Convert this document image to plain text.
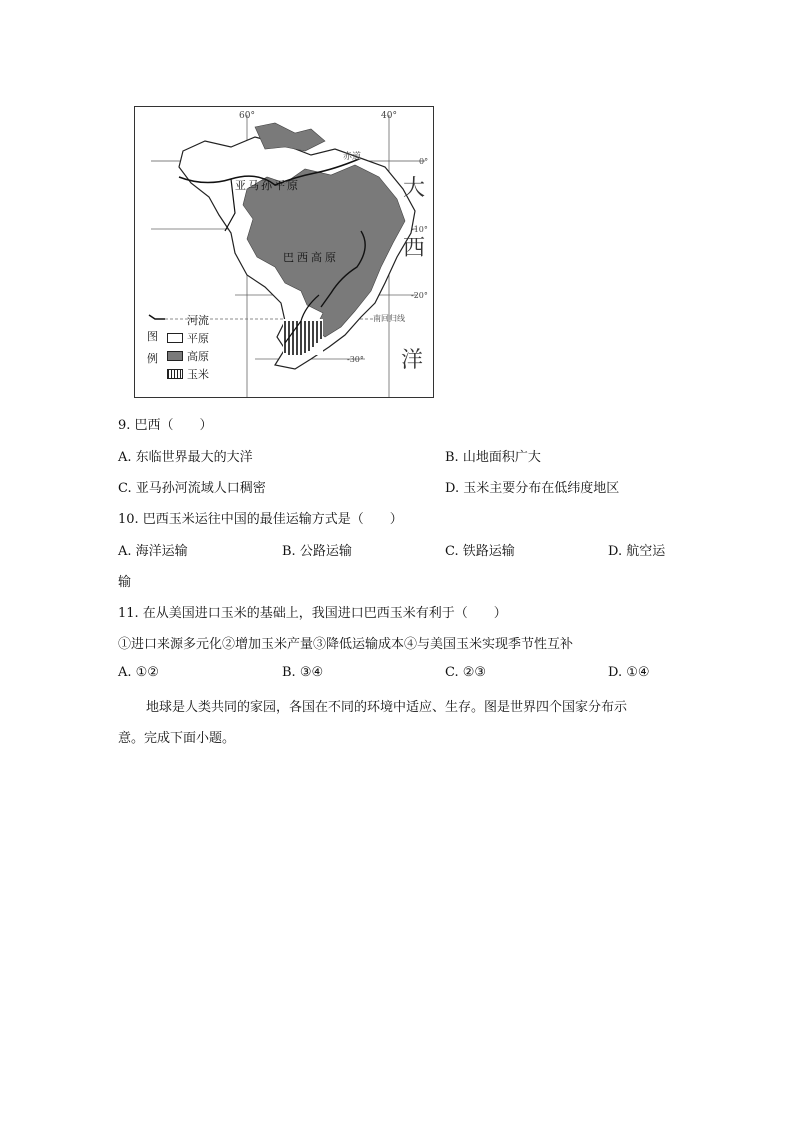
60°	40°
赤道	0°
-10°
-20°
南回归线
-30°
亚马孙平原
巴西高原
大
西
洋
图
例
河流
平原
高原
玉米
9. 巴西（　　）
A. 东临世界最大的大洋	B. 山地面积广大
C. 亚马孙河流域人口稠密	D. 玉米主要分布在低纬度地区
10. 巴西玉米运往中国的最佳运输方式是（　　）
A. 海洋运输	B. 公路运输	C. 铁路运输	D. 航空运
输
11. 在从美国进口玉米的基础上，我国进口巴西玉米有利于（　　）
①进口来源多元化②增加玉米产量③降低运输成本④与美国玉米实现季节性互补
A. ①②	B. ③④	C. ②③	D. ①④
地球是人类共同的家园，各国在不同的环境中适应、生存。图是世界四个国家分布示
意。完成下面小题。
